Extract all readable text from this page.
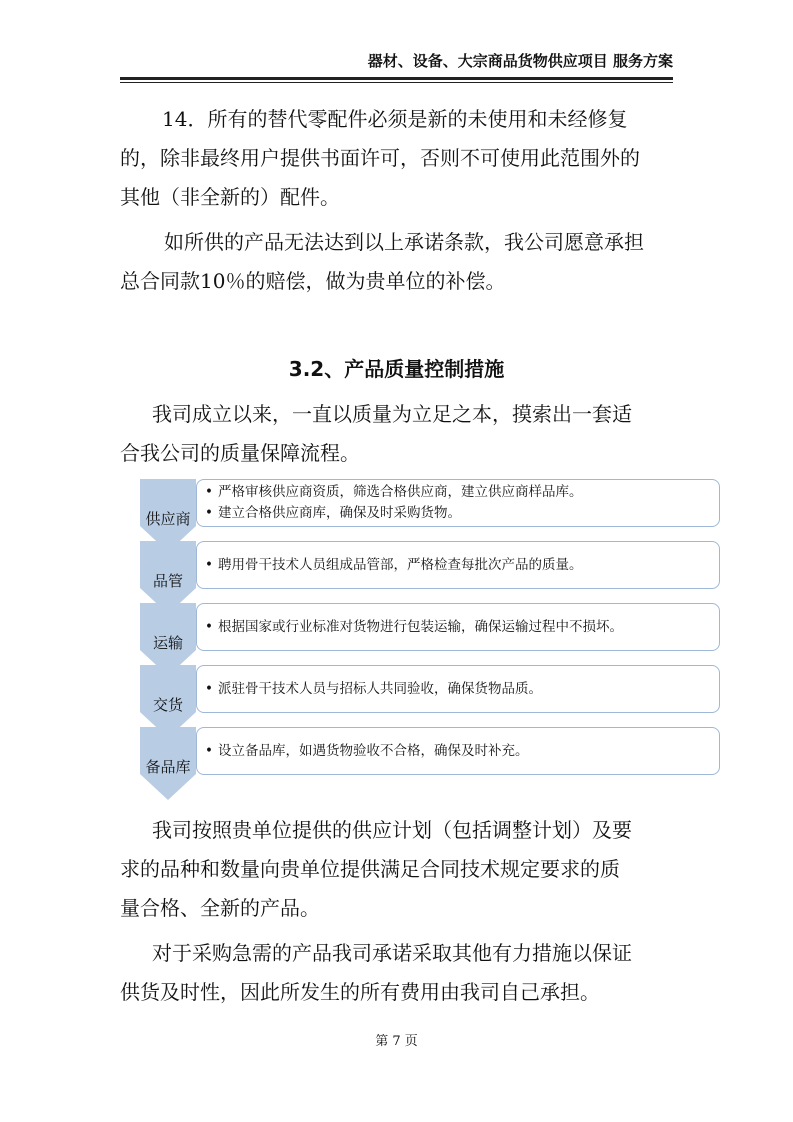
器材、设备、大宗商品货物供应项目 服务方案
14．所有的替代零配件必须是新的未使用和未经修复
的，除非最终用户提供书面许可，否则不可使用此范围外的
其他（非全新的）配件。
如所供的产品无法达到以上承诺条款，我公司愿意承担
总合同款10％的赔偿，做为贵单位的补偿。
3.2、产品质量控制措施
我司成立以来，一直以质量为立足之本，摸索出一套适
合我公司的质量保障流程。
供应商
• 严格审核供应商资质，筛选合格供应商，建立供应商样品库。
• 建立合格供应商库，确保及时采购货物。
品管
• 聘用骨干技术人员组成品管部，严格检查每批次产品的质量。
运输
• 根据国家或行业标准对货物进行包装运输，确保运输过程中不损坏。
交货
• 派驻骨干技术人员与招标人共同验收，确保货物品质。
备品库
• 设立备品库，如遇货物验收不合格，确保及时补充。
我司按照贵单位提供的供应计划（包括调整计划）及要
求的品种和数量向贵单位提供满足合同技术规定要求的质
量合格、全新的产品。
对于采购急需的产品我司承诺采取其他有力措施以保证
供货及时性，因此所发生的所有费用由我司自己承担。
第 7 页
